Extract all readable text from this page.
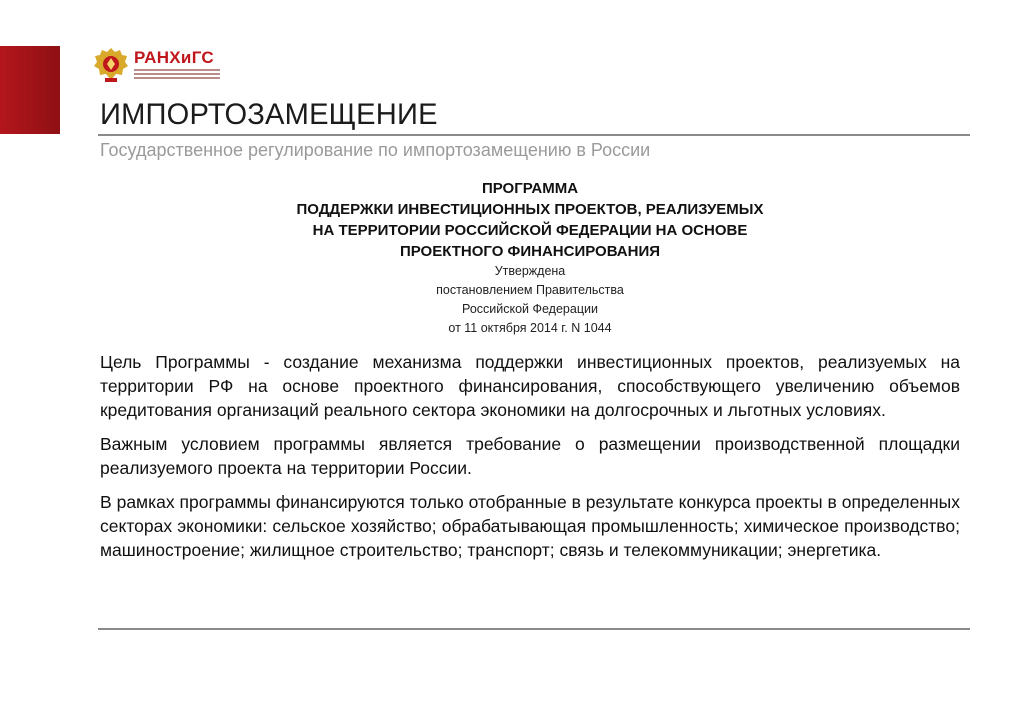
РАНХиГС
ИМПОРТОЗАМЕЩЕНИЕ
Государственное регулирование по импортозамещению в России
ПРОГРАММА
ПОДДЕРЖКИ ИНВЕСТИЦИОННЫХ ПРОЕКТОВ, РЕАЛИЗУЕМЫХ
НА ТЕРРИТОРИИ РОССИЙСКОЙ ФЕДЕРАЦИИ НА ОСНОВЕ
ПРОЕКТНОГО ФИНАНСИРОВАНИЯ
Утверждена
постановлением Правительства
Российской Федерации
от 11 октября 2014 г. N 1044

Цель Программы - создание механизма поддержки инвестиционных проектов, реализуемых на территории РФ на основе проектного финансирования, способствующего увеличению объемов кредитования организаций реального сектора экономики на долгосрочных и льготных условиях.

Важным условием программы является требование о размещении производственной площадки реализуемого проекта на территории России.

В рамках программы финансируются только отобранные в результате конкурса проекты в определенных секторах экономики: сельское хозяйство; обрабатывающая промышленность; химическое производство; машиностроение; жилищное строительство; транспорт; связь и телекоммуникации; энергетика.
